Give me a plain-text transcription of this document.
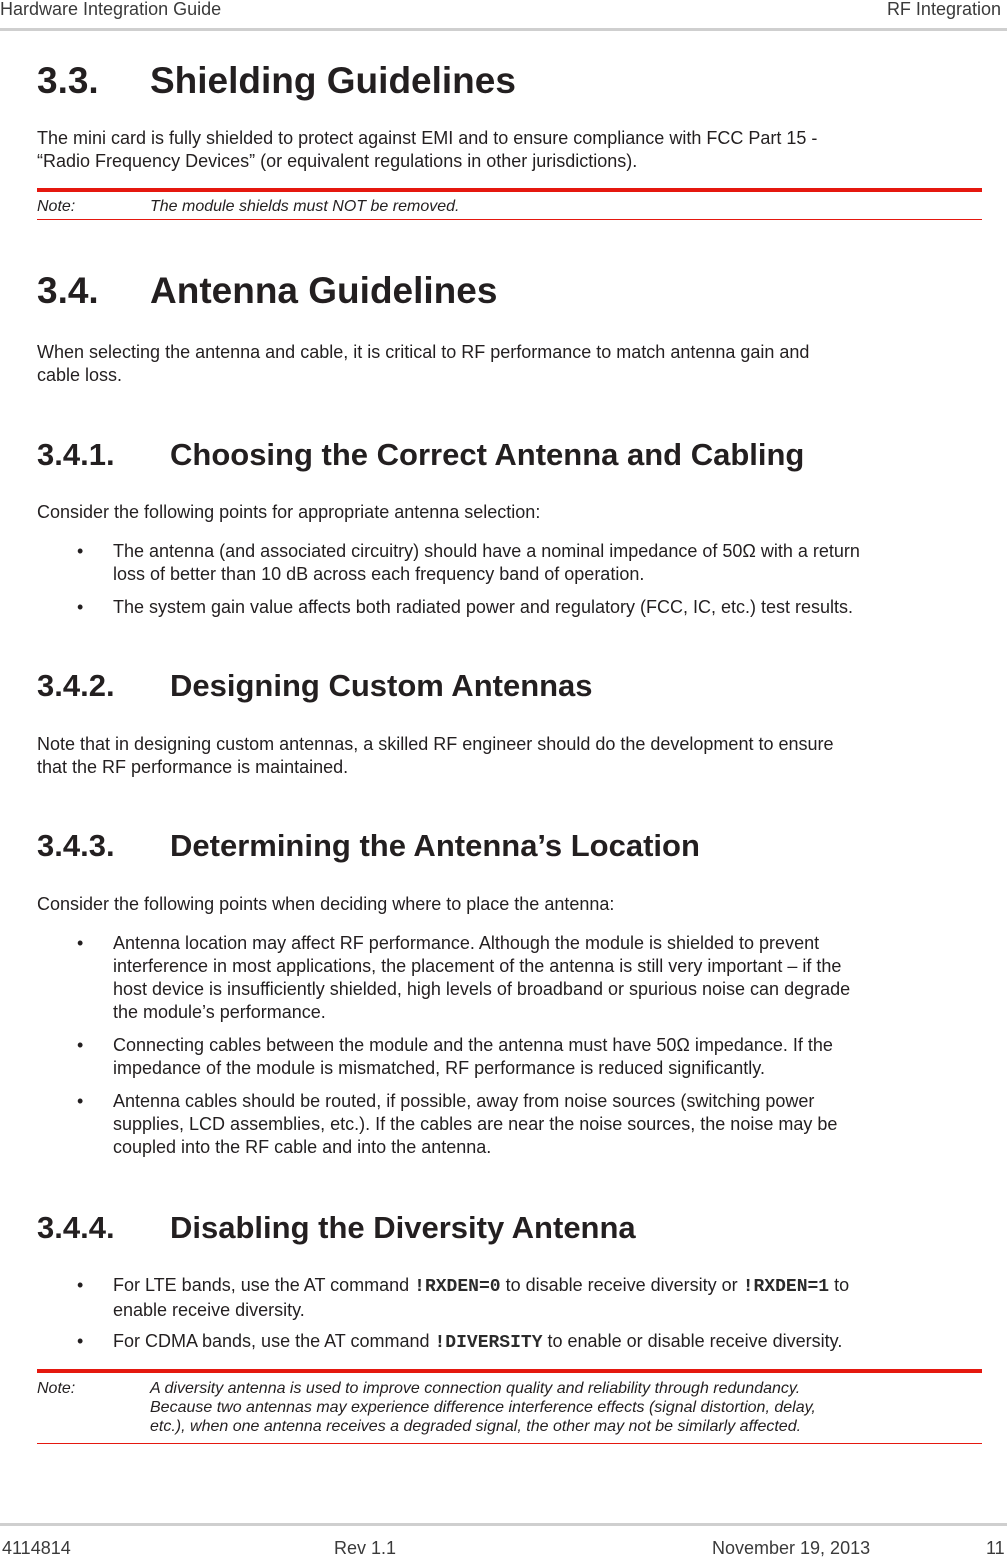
Hardware Integration Guide	RF Integration
3.3. Shielding Guidelines
The mini card is fully shielded to protect against EMI and to ensure compliance with FCC Part 15 -
“Radio Frequency Devices” (or equivalent regulations in other jurisdictions).
Note:	The module shields must NOT be removed.
3.4. Antenna Guidelines
When selecting the antenna and cable, it is critical to RF performance to match antenna gain and
cable loss.
3.4.1. Choosing the Correct Antenna and Cabling
Consider the following points for appropriate antenna selection:
• The antenna (and associated circuitry) should have a nominal impedance of 50Ω with a return
loss of better than 10 dB across each frequency band of operation.
• The system gain value affects both radiated power and regulatory (FCC, IC, etc.) test results.
3.4.2. Designing Custom Antennas
Note that in designing custom antennas, a skilled RF engineer should do the development to ensure
that the RF performance is maintained.
3.4.3. Determining the Antenna’s Location
Consider the following points when deciding where to place the antenna:
• Antenna location may affect RF performance. Although the module is shielded to prevent
interference in most applications, the placement of the antenna is still very important – if the
host device is insufficiently shielded, high levels of broadband or spurious noise can degrade
the module’s performance.
• Connecting cables between the module and the antenna must have 50Ω impedance. If the
impedance of the module is mismatched, RF performance is reduced significantly.
• Antenna cables should be routed, if possible, away from noise sources (switching power
supplies, LCD assemblies, etc.). If the cables are near the noise sources, the noise may be
coupled into the RF cable and into the antenna.
3.4.4. Disabling the Diversity Antenna
• For LTE bands, use the AT command !RXDEN=0 to disable receive diversity or !RXDEN=1 to
enable receive diversity.
• For CDMA bands, use the AT command !DIVERSITY to enable or disable receive diversity.
Note:	A diversity antenna is used to improve connection quality and reliability through redundancy.
Because two antennas may experience difference interference effects (signal distortion, delay,
etc.), when one antenna receives a degraded signal, the other may not be similarly affected.
4114814	Rev 1.1	November 19, 2013	11
